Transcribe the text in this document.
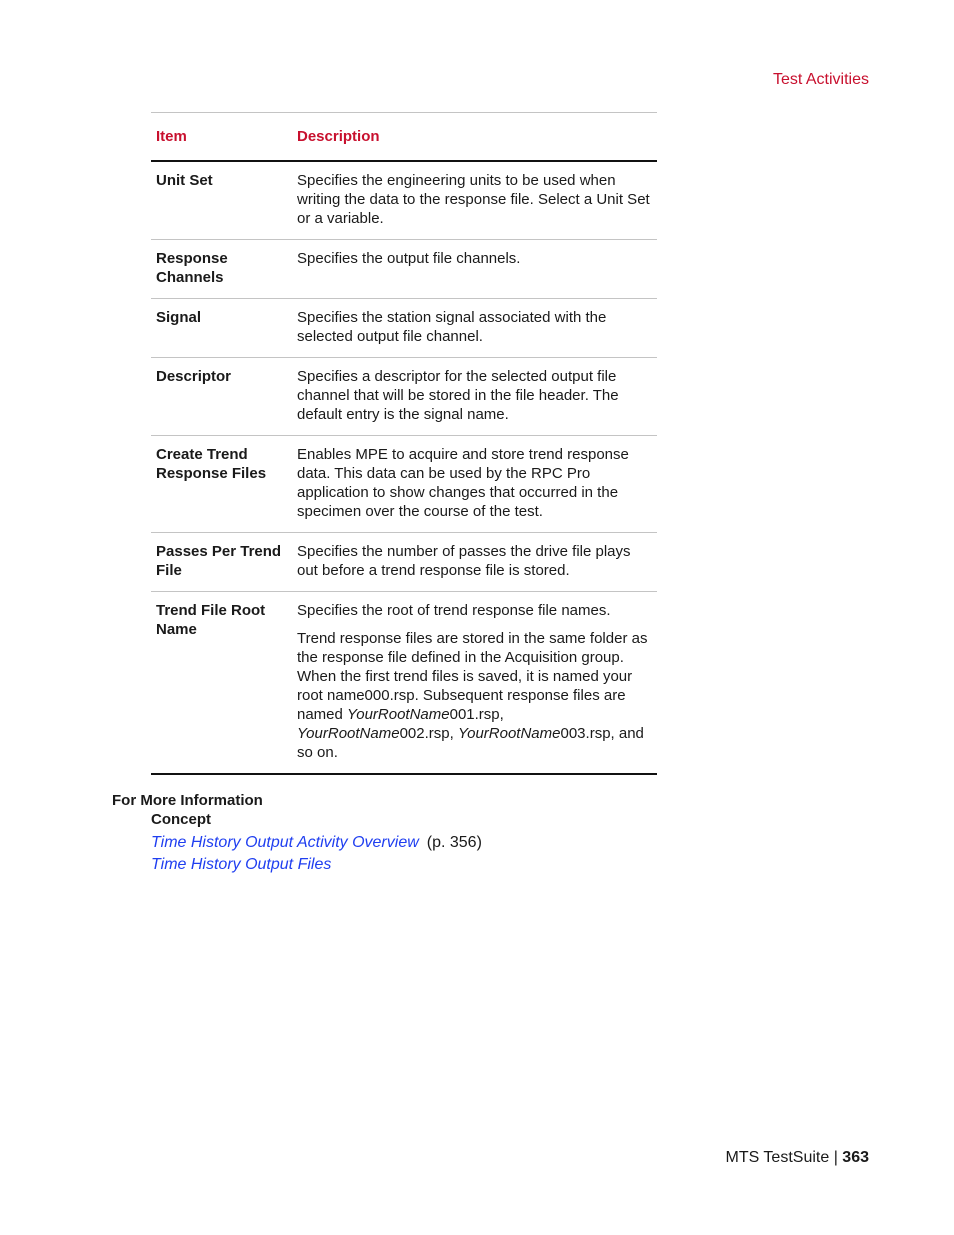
Test Activities
Item	Description
Unit Set	Specifies the engineering units to be used when writing the data to the response file. Select a Unit Set or a variable.

Response Channels	Specifies the output file channels.

Signal	Specifies the station signal associated with the selected output file channel.

Descriptor	Specifies a descriptor for the selected output file channel that will be stored in the file header. The default entry is the signal name.

Create Trend Response Files	Enables MPE to acquire and store trend response data. This data can be used by the RPC Pro application to show changes that occurred in the specimen over the course of the test.

Passes Per Trend File	Specifies the number of passes the drive file plays out before a trend response file is stored.

Trend File Root Name	Specifies the root of trend response file names.

Trend response files are stored in the same folder as the response file defined in the Acquisition group. When the first trend files is saved, it is named your root name000.rsp. Subsequent response files are named YourRootName001.rsp, YourRootName002.rsp, YourRootName003.rsp, and so on.

For More Information
Concept
Time History Output Activity Overview (p. 356)
Time History Output Files
MTS TestSuite | 363
